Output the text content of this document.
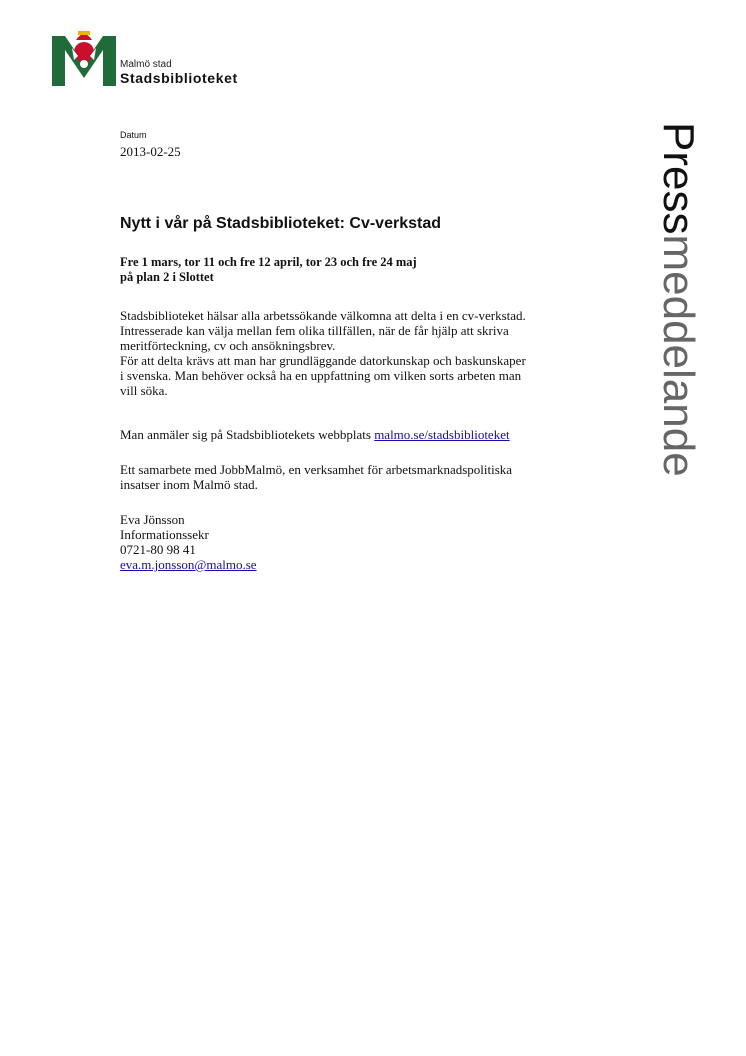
Malmö stad
Stadsbiblioteket
Datum
2013-02-25	Pressmeddelande
Nytt i vår på Stadsbiblioteket: Cv-verkstad
Fre 1 mars, tor 11 och fre 12 april, tor 23 och fre 24 maj
på plan 2 i Slottet
Stadsbiblioteket hälsar alla arbetssökande välkomna att delta i en cv-verkstad.
Intresserade kan välja mellan fem olika tillfällen, när de får hjälp att skriva
meritförteckning, cv och ansökningsbrev.
För att delta krävs att man har grundläggande datorkunskap och baskunskaper
i svenska. Man behöver också ha en uppfattning om vilken sorts arbeten man
vill söka.
Man anmäler sig på Stadsbibliotekets webbplats malmo.se/stadsbiblioteket
Ett samarbete med JobbMalmö, en verksamhet för arbetsmarknadspolitiska
insatser inom Malmö stad.
Eva Jönsson
Informationssekr
0721-80 98 41
eva.m.jonsson@malmo.se
